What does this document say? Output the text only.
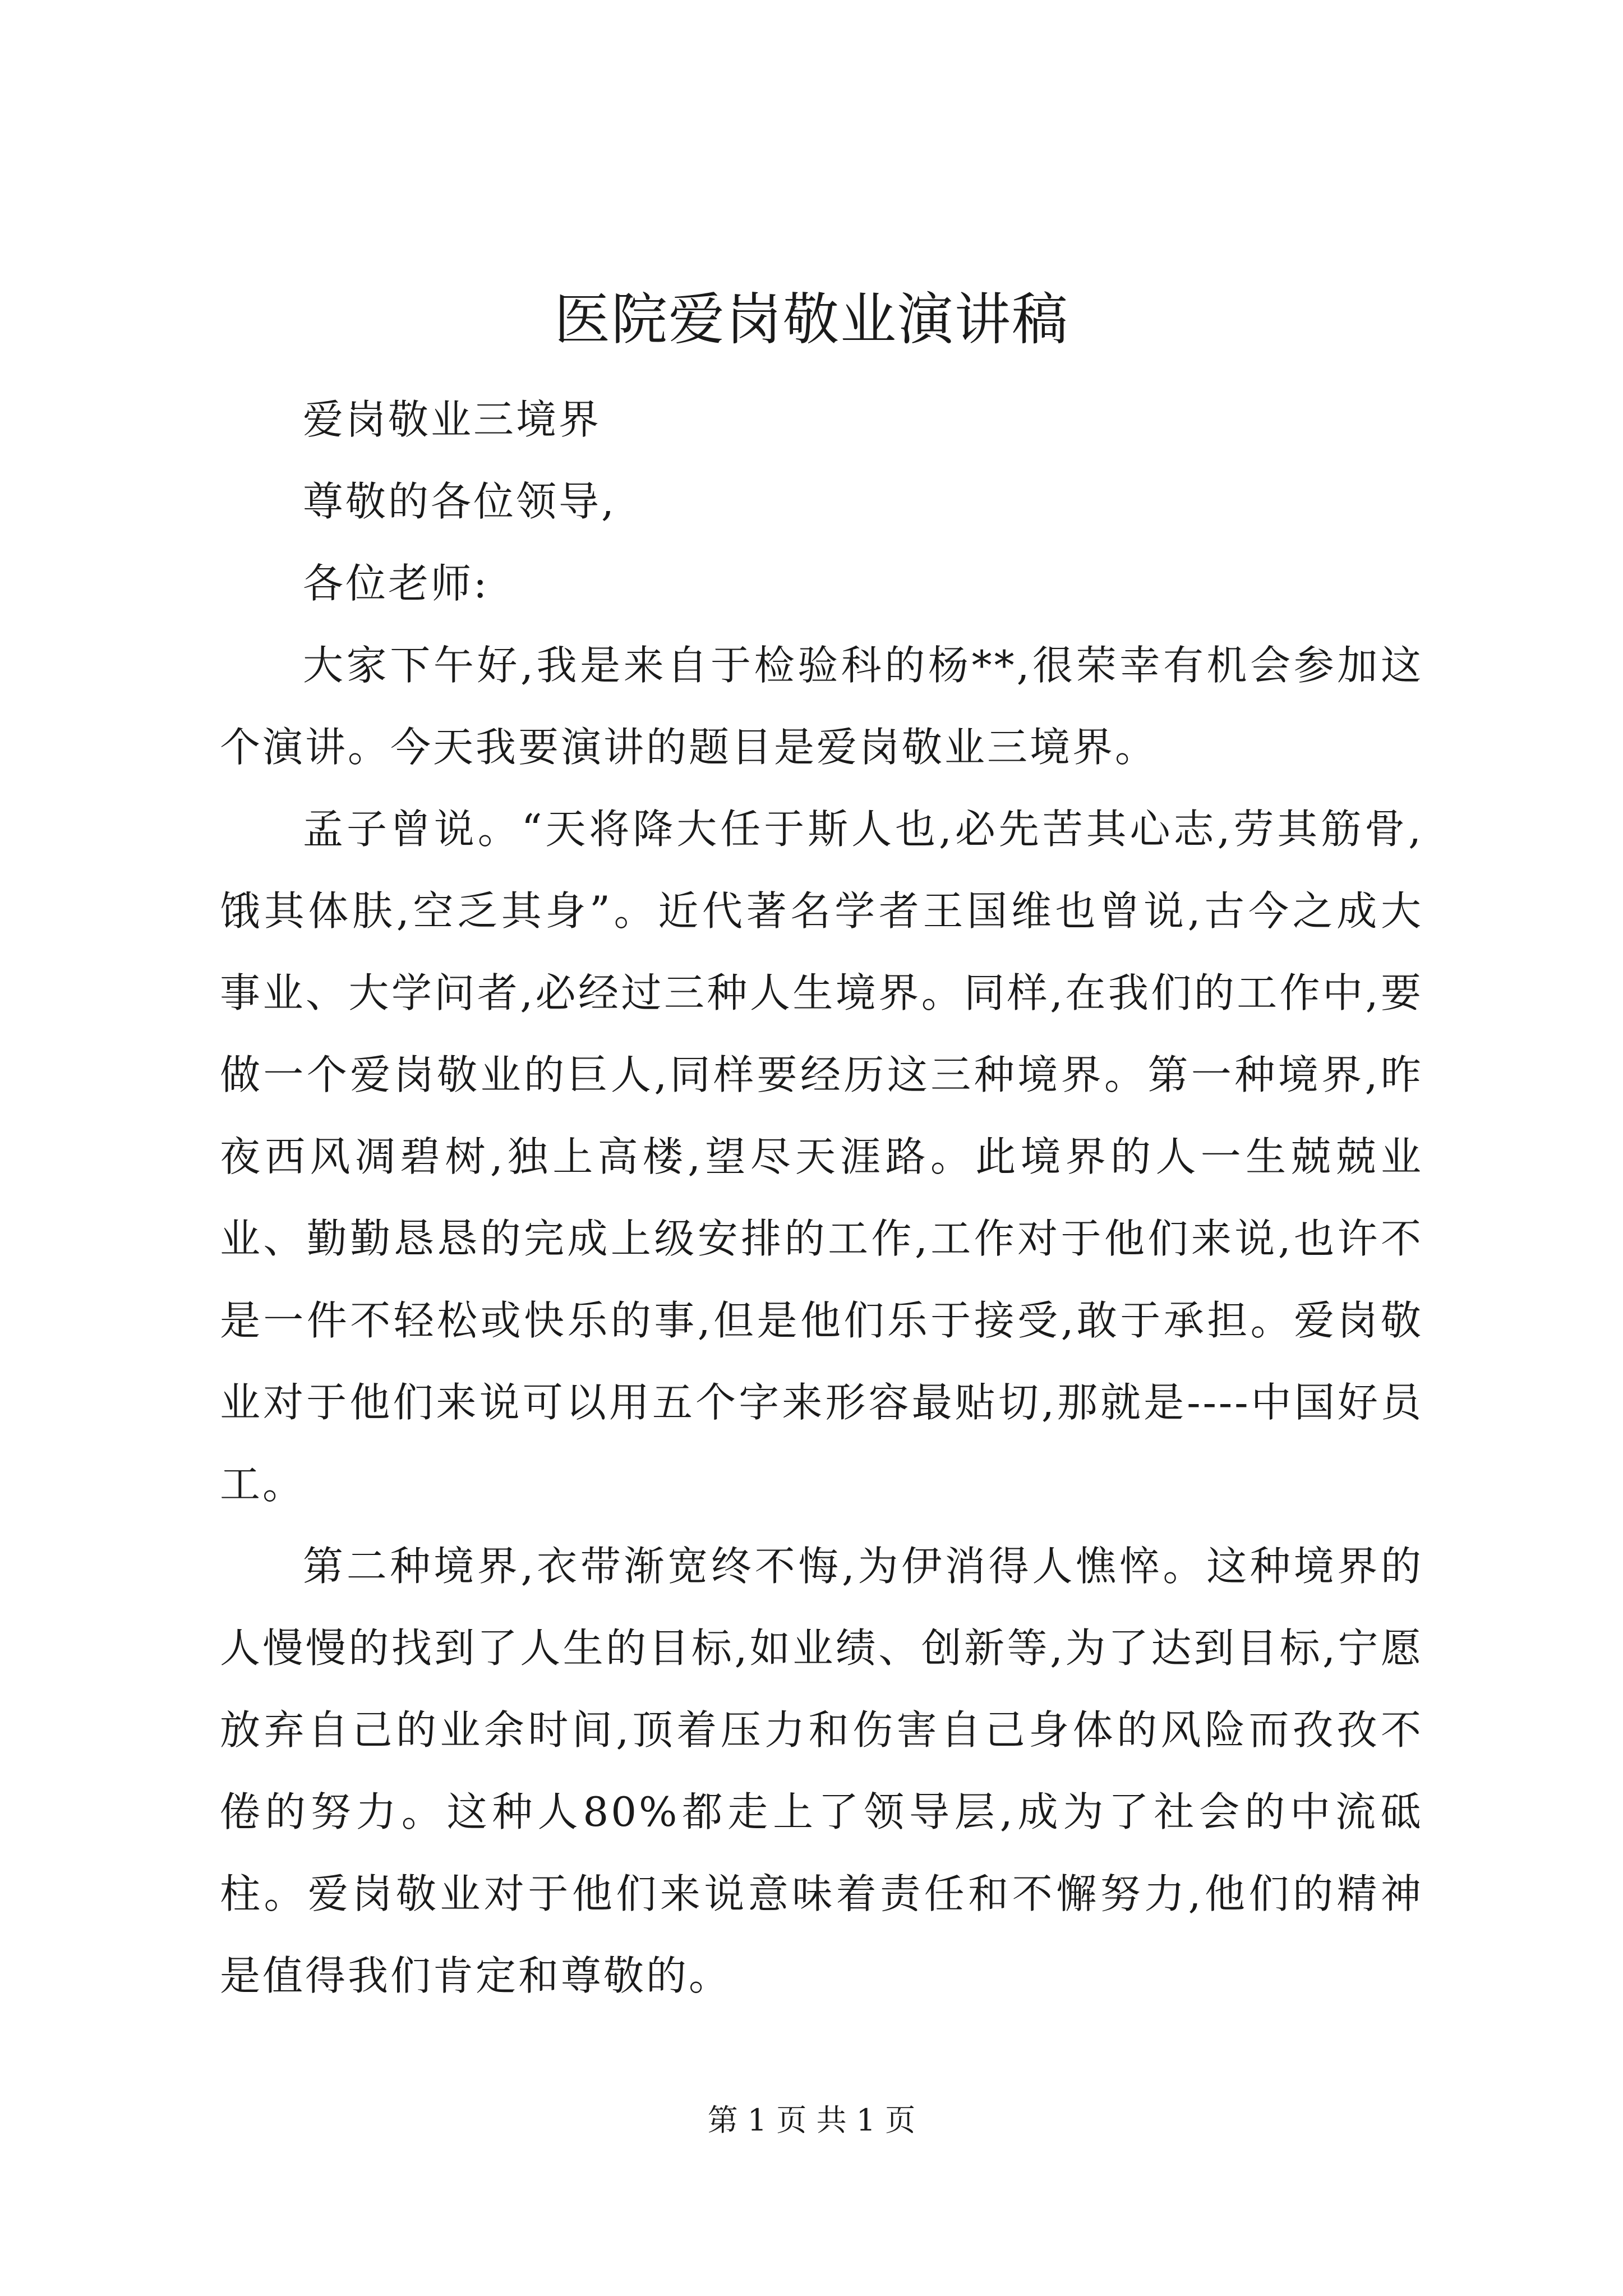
医院爱岗敬业演讲稿

爱岗敬业三境界

尊敬的各位领导,

各位老师:

大家下午好,我是来自于检验科的杨**,很荣幸有机会参加这个演讲。今天我要演讲的题目是爱岗敬业三境界。

孟子曾说。“天将降大任于斯人也,必先苦其心志,劳其筋骨,饿其体肤,空乏其身”。近代著名学者王国维也曾说,古今之成大事业、大学问者,必经过三种人生境界。同样,在我们的工作中,要做一个爱岗敬业的巨人,同样要经历这三种境界。第一种境界,昨夜西风凋碧树,独上高楼,望尽天涯路。此境界的人一生兢兢业业、勤勤恳恳的完成上级安排的工作,工作对于他们来说,也许不是一件不轻松或快乐的事,但是他们乐于接受,敢于承担。爱岗敬业对于他们来说可以用五个字来形容最贴切,那就是----中国好员工。

第二种境界,衣带渐宽终不悔,为伊消得人憔悴。这种境界的人慢慢的找到了人生的目标,如业绩、创新等,为了达到目标,宁愿放弃自己的业余时间,顶着压力和伤害自己身体的风险而孜孜不倦的努力。这种人80%都走上了领导层,成为了社会的中流砥柱。爱岗敬业对于他们来说意味着责任和不懈努力,他们的精神是值得我们肯定和尊敬的。

第 1 页 共 1 页
